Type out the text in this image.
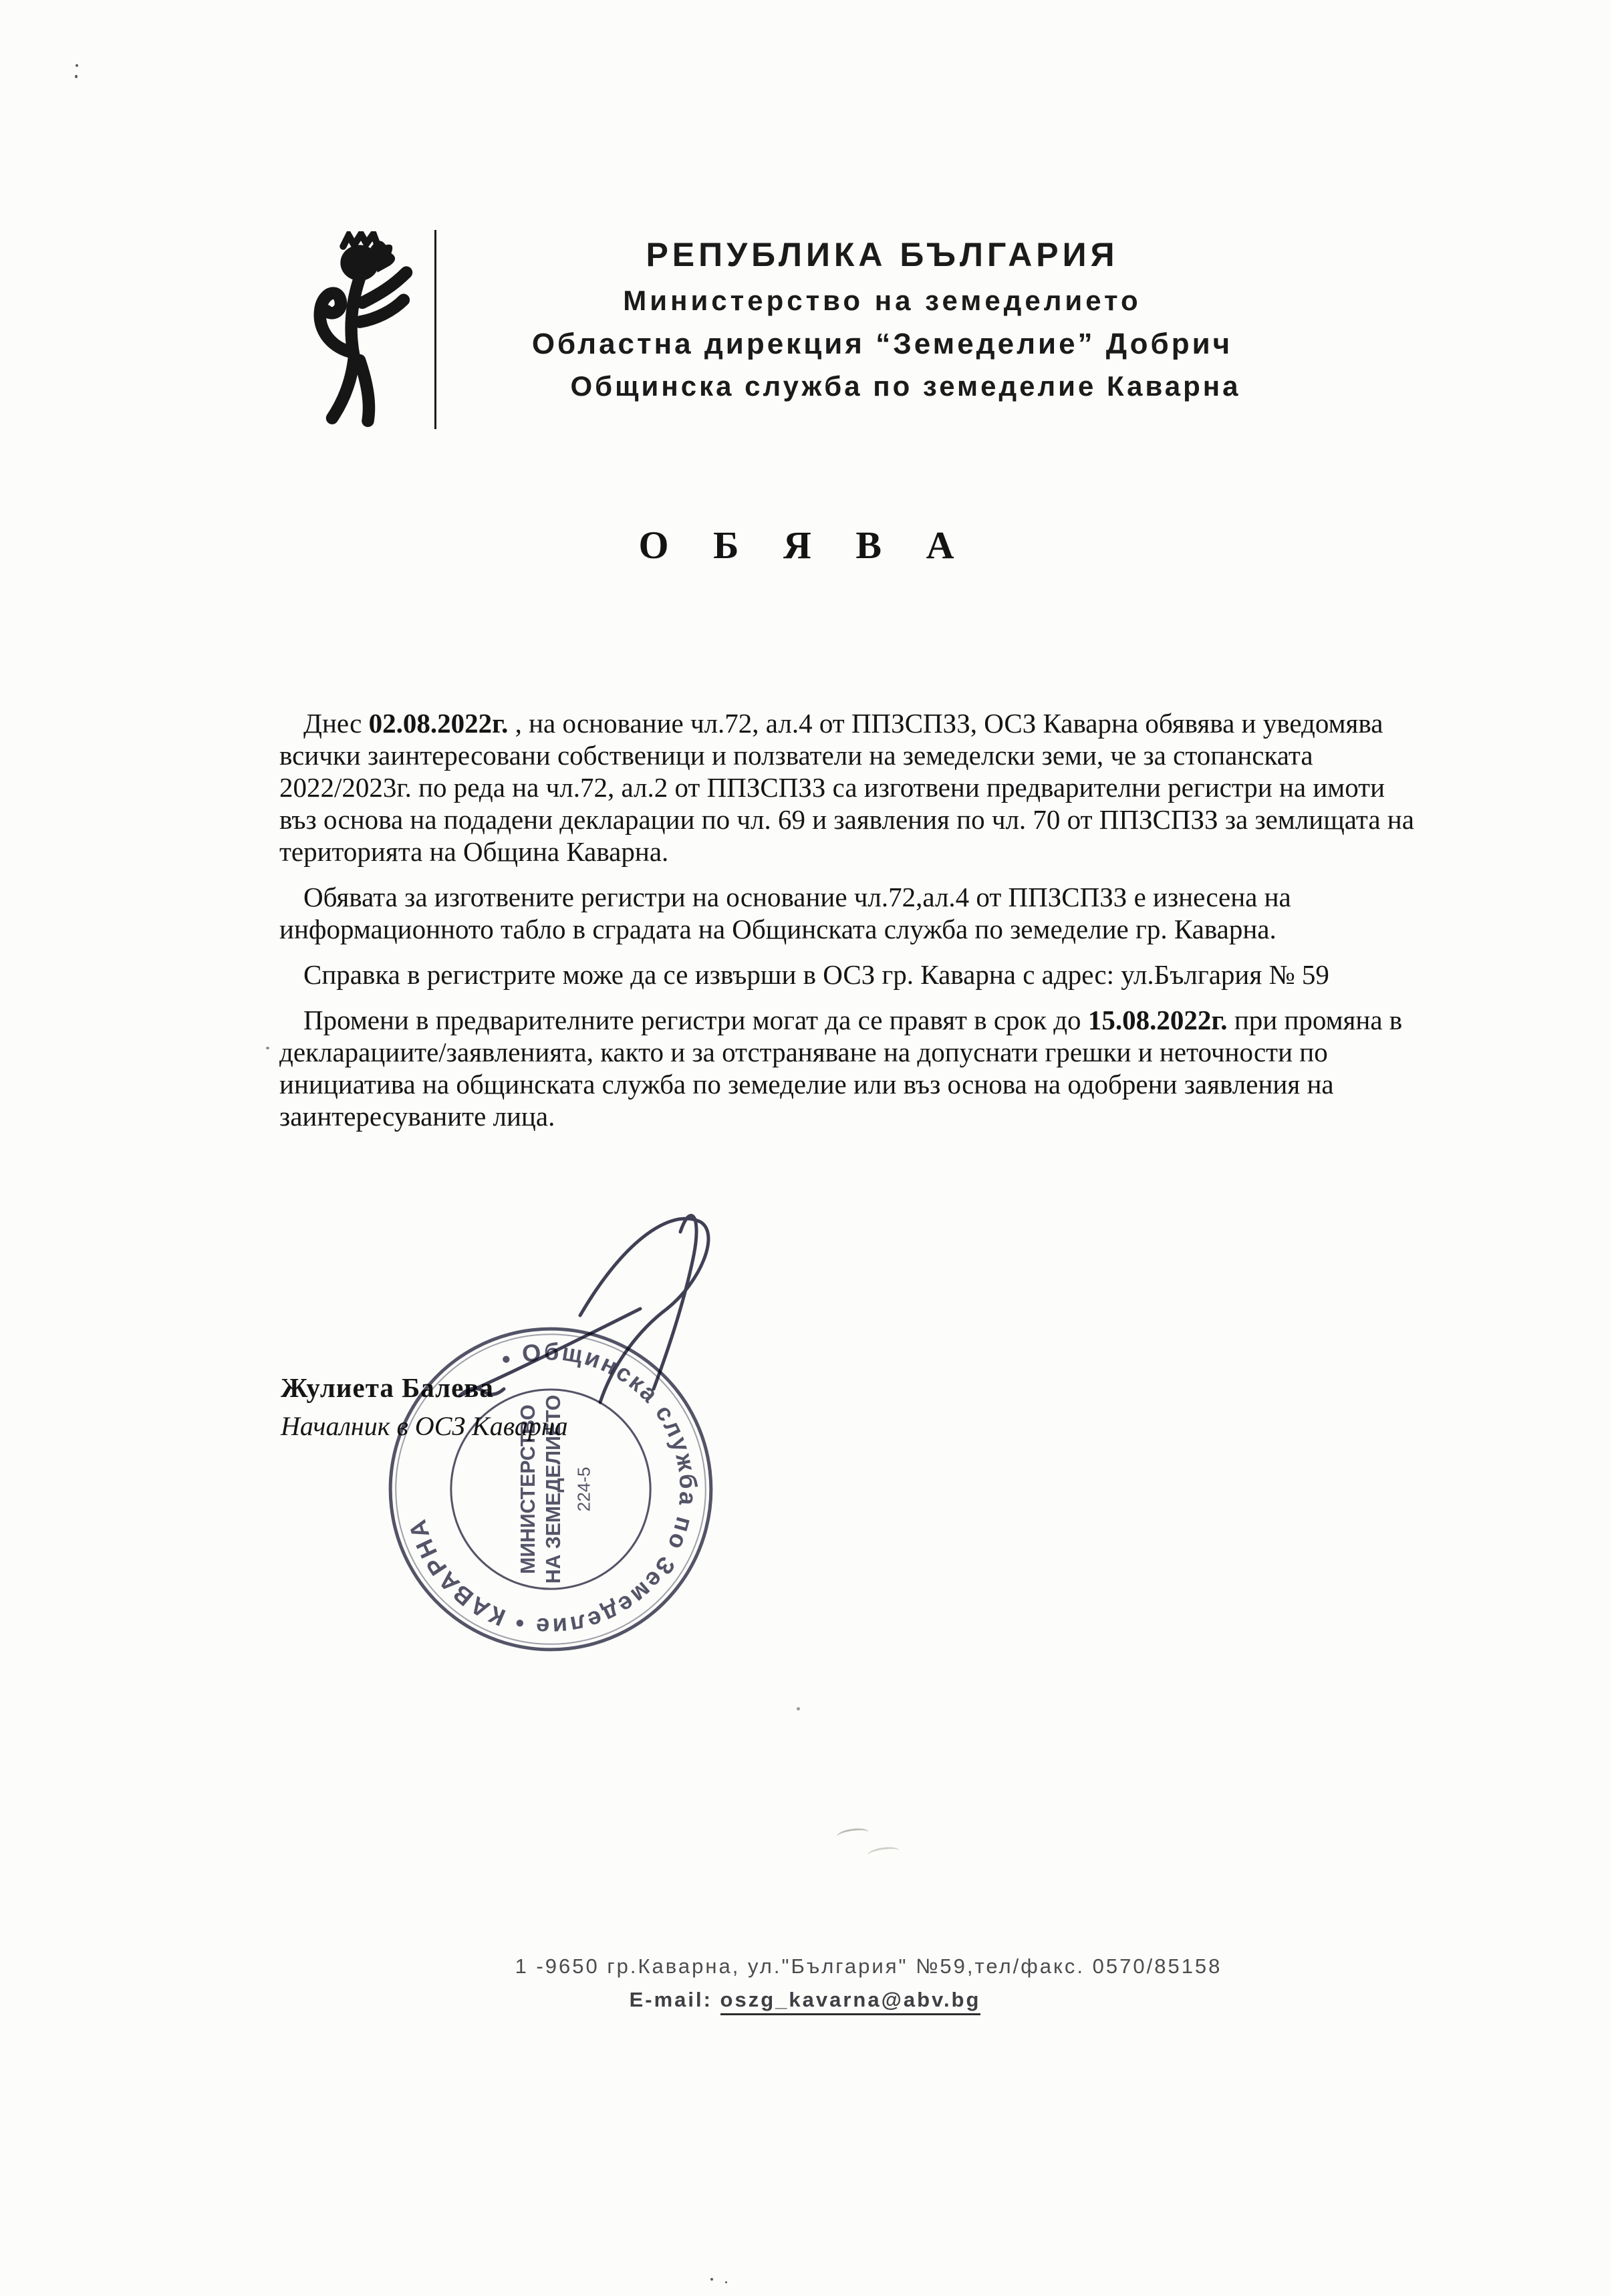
РЕПУБЛИКА БЪЛГАРИЯ
Министерство на земеделието
Областна дирекция “Земеделие” Добрич
Общинска служба по земеделие Каварна
О Б Я В А

Днес 02.08.2022г. , на основание чл.72, ал.4 от ППЗСПЗЗ, ОСЗ Каварна обявява и уведомява всички заинтересовани собственици и ползватели на земеделски земи, че за стопанската 2022/2023г. по реда на чл.72, ал.2 от ППЗСПЗЗ са изготвени предварителни регистри на имоти въз основа на подадени декларации по чл. 69 и заявления по чл. 70 от ППЗСПЗЗ за землищата на територията на Община Каварна.

Обявата за изготвените регистри на основание чл.72,ал.4 от ППЗСПЗЗ е изнесена на информационното табло в сградата на Общинската служба по земеделие гр. Каварна.

Справка в регистрите може да се извърши в ОСЗ гр. Каварна с адрес: ул.България № 59

Промени в предварителните регистри могат да се правят в срок до 15.08.2022г. при промяна в декларациите/заявленията, както и за отстраняване на допуснати грешки и неточности по инициатива на общинската служба по земеделие или въз основа на одобрени заявления на заинтересуваните лица.

Жулиета Балева
Началник в ОСЗ Каварна
• Общинска служба по Земеделие • КАВАРНА	МИНИСТЕРСТВО НА ЗЕМЕДЕЛИЕТО 224-5
1 -9650 гр.Каварна, ул."България" №59,тел/факс. 0570/85158
E-mail: oszg_kavarna@abv.bg
